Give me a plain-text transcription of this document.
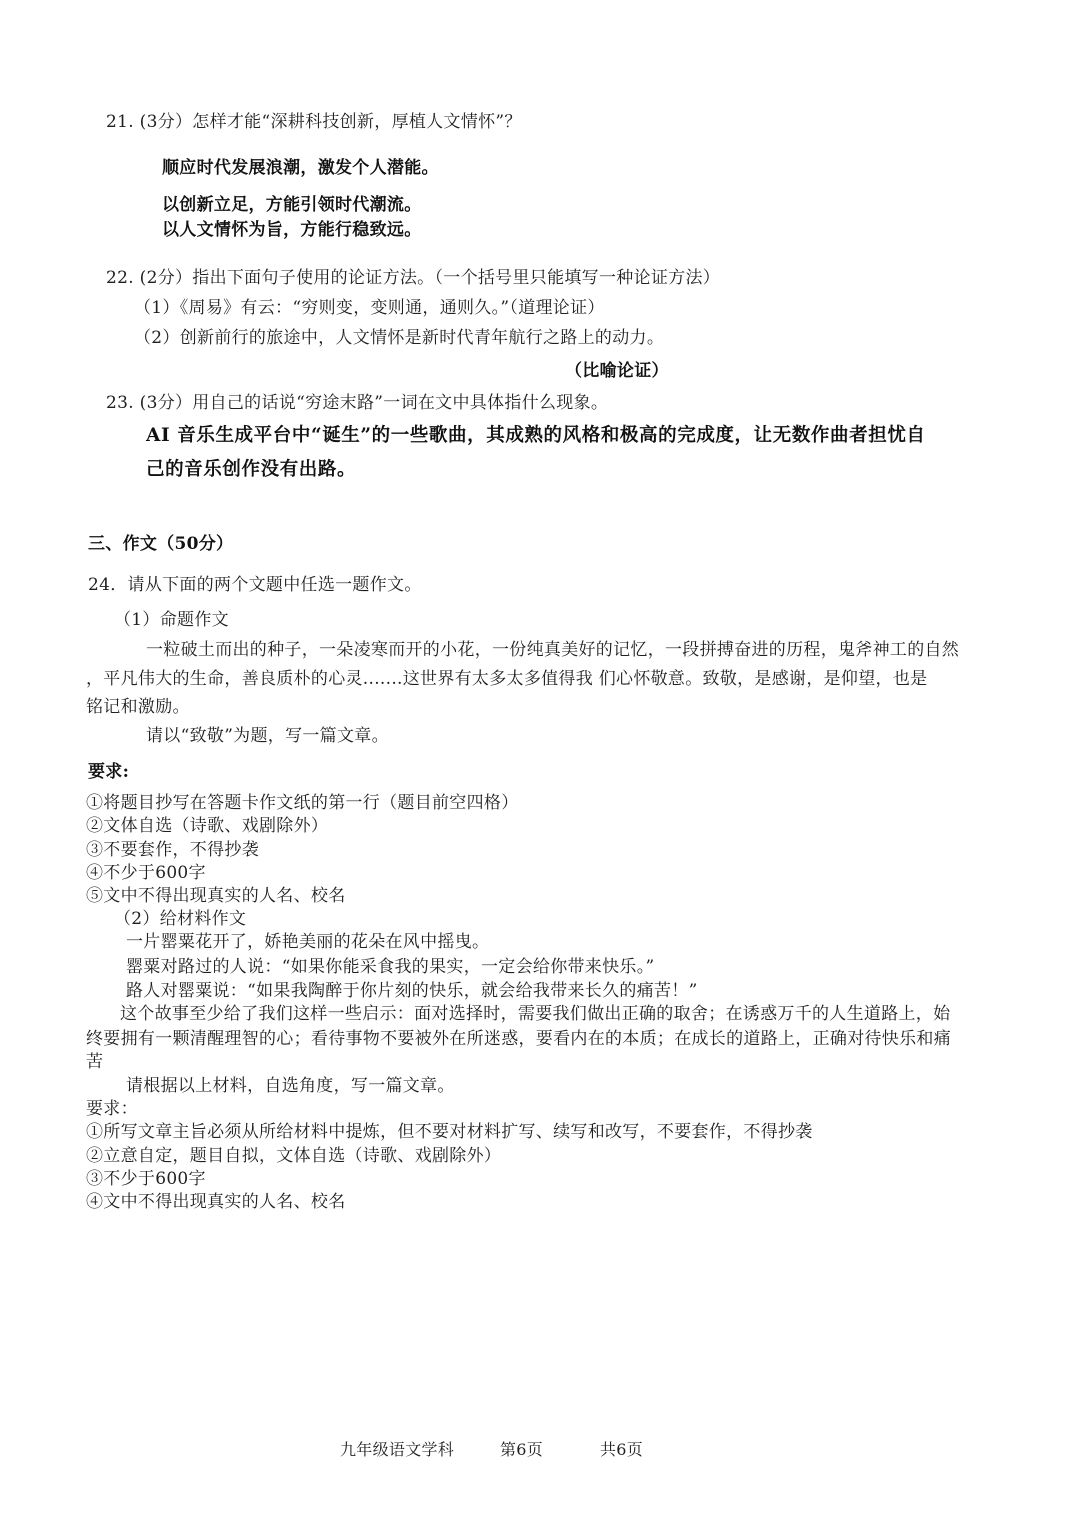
21. (3分）怎样才能“深耕科技创新，厚植人文情怀”？
顺应时代发展浪潮，激发个人潜能。
以创新立足，方能引领时代潮流。
以人文情怀为旨，方能行稳致远。
22. (2分）指出下面句子使用的论证方法。（一个括号里只能填写一种论证方法）
（1）《周易》有云：“穷则变，变则通，通则久。”（道理论证）
（2）创新前行的旅途中，人文情怀是新时代青年航行之路上的动力。
（比喻论证）
23. (3分）用自己的话说“穷途末路”一词在文中具体指什么现象。
AI 音乐生成平台中“诞生”的一些歌曲，其成熟的风格和极高的完成度，让无数作曲者担忧自
己的音乐创作没有出路。
三、作文（50分）
24．请从下面的两个文题中任选一题作文。
（1）命题作文
一粒破土而出的种子，一朵凌寒而开的小花，一份纯真美好的记忆，一段拼搏奋进的历程，鬼斧神工的自然
，平凡伟大的生命，善良质朴的心灵.......这世界有太多太多值得我 们心怀敬意。致敬，是感谢，是仰望，也是
铭记和激励。
请以“致敬”为题，写一篇文章。
要求:
①将题目抄写在答题卡作文纸的第一行（题目前空四格）
②文体自选（诗歌、戏剧除外）
③不要套作，不得抄袭
④不少于600字
⑤文中不得出现真实的人名、校名
（2）给材料作文
一片罂粟花开了，娇艳美丽的花朵在风中摇曳。
罂粟对路过的人说：“如果你能采食我的果实，一定会给你带来快乐。”
路人对罂粟说：“如果我陶醉于你片刻的快乐，就会给我带来长久的痛苦！”
这个故事至少给了我们这样一些启示：面对选择时，需要我们做出正确的取舍；在诱惑万千的人生道路上，始
终要拥有一颗清醒理智的心；看待事物不要被外在所迷惑，要看内在的本质；在成长的道路上，正确对待快乐和痛
苦
请根据以上材料，自选角度，写一篇文章。
要求：
①所写文章主旨必须从所给材料中提炼，但不要对材料扩写、续写和改写，不要套作，不得抄袭
②立意自定，题目自拟，文体自选（诗歌、戏剧除外）
③不少于600字
④文中不得出现真实的人名、校名
九年级语文学科	第6页	共6页
